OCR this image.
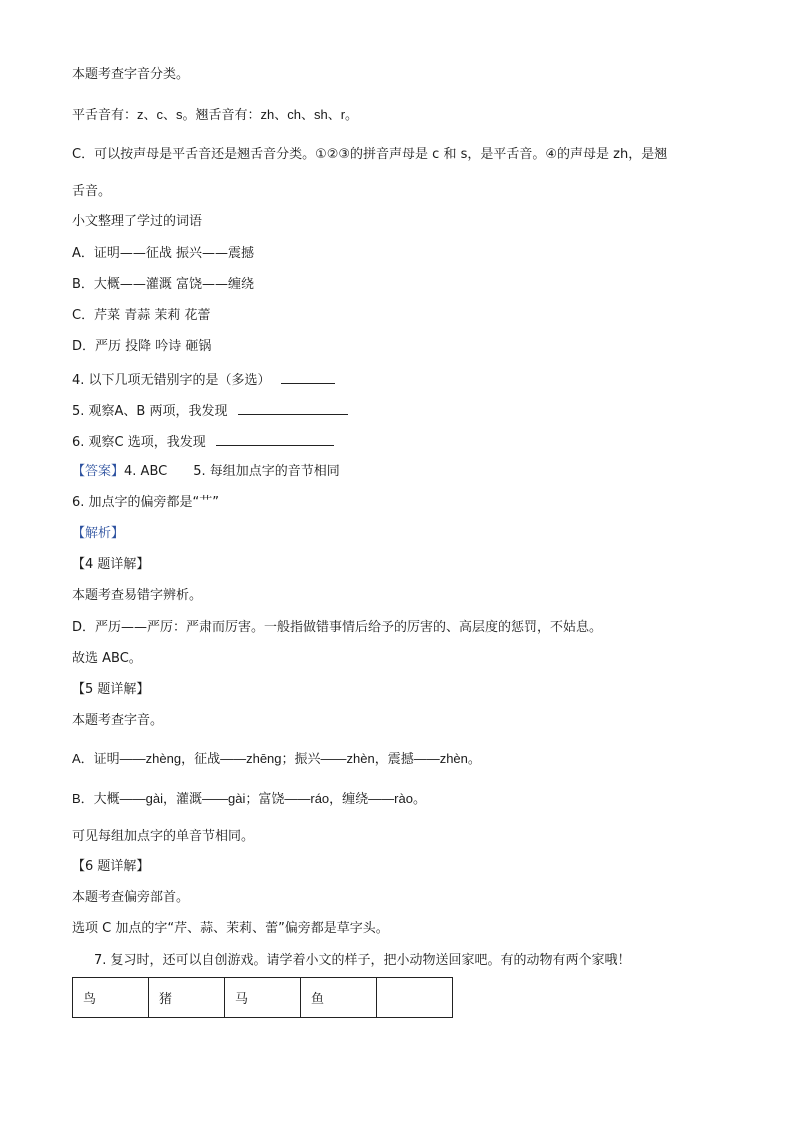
本题考查字音分类。
平舌音有：z、c、s。翘舌音有：zh、ch、sh、r。
C．可以按声母是平舌音还是翘舌音分类。①②③的拼音声母是 c 和 s，是平舌音。④的声母是 zh，是翘
舌音。
小文整理了学过的词语
A．证明——征战 振兴——震撼
B．大概——灌溉 富饶——缠绕
C．芹菜 青蒜 茉莉 花蕾
D．严历 投降 吟诗 砸锅
4. 以下几项无错别字的是（多选）
5. 观察A、B 两项，我发现
6. 观察C 选项，我发现
【答案】4. ABC 5. 每组加点字的音节相同
6. 加点字的偏旁都是“艹”
【解析】
【4 题详解】
本题考查易错字辨析。
D．严历——严厉：严肃而厉害。一般指做错事情后给予的厉害的、高层度的惩罚，不姑息。
故选 ABC。
【5 题详解】
本题考查字音。
A．证明——zhèng，征战——zhēng；振兴——zhèn，震撼——zhèn。
B．大概——gài，灌溉——gài；富饶——ráo，缠绕——rào。
可见每组加点字的单音节相同。
【6 题详解】
本题考查偏旁部首。
选项 C 加点的字“芹、蒜、茉莉、蕾”偏旁都是草字头。
7. 复习时，还可以自创游戏。请学着小文的样子，把小动物送回家吧。有的动物有两个家哦！
鸟	猪	马	鱼	
